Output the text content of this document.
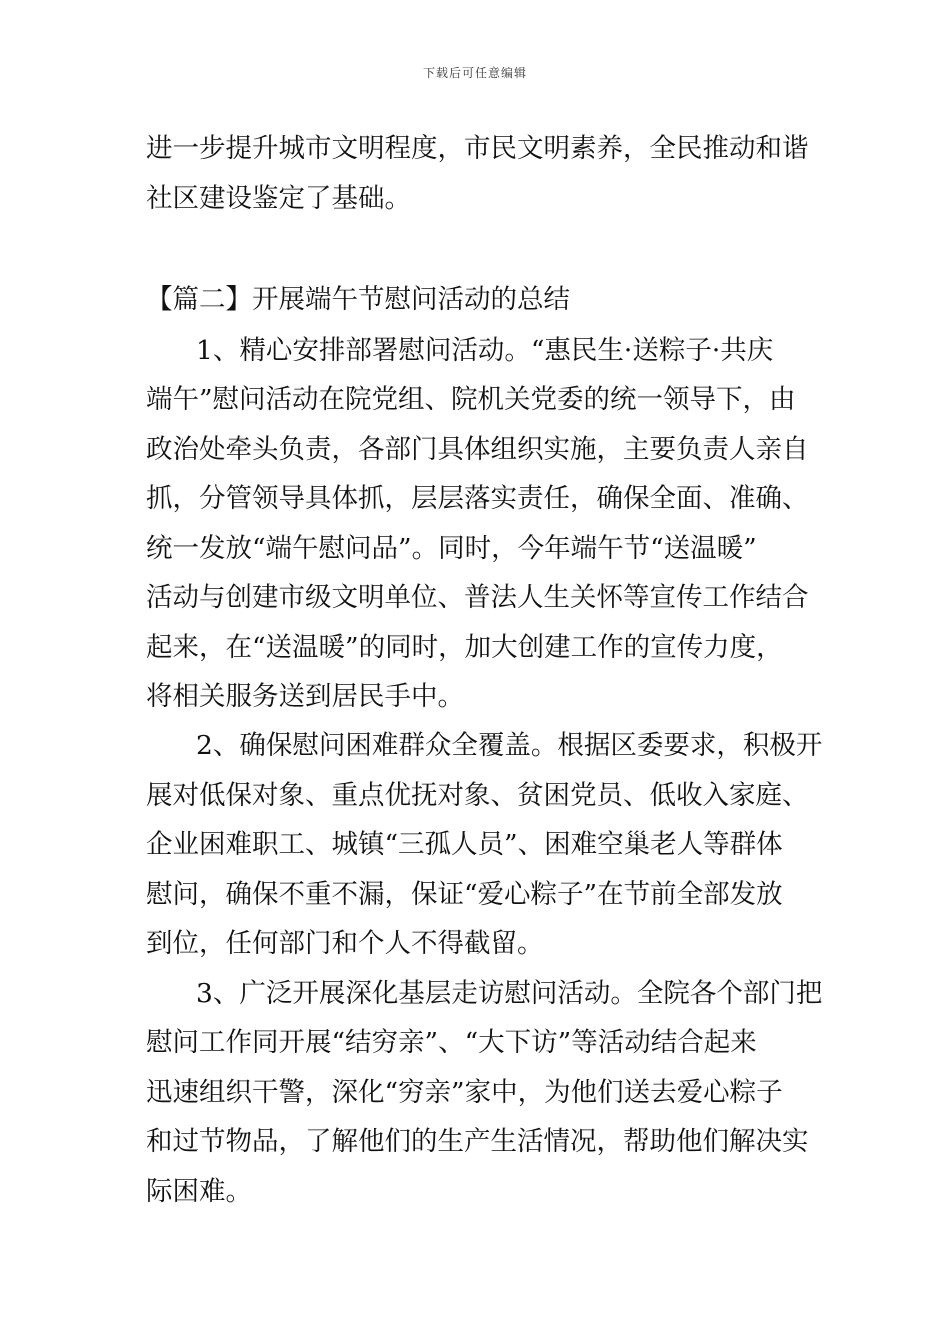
下载后可任意编辑
进一步提升城市文明程度，市民文明素养，全民推动和谐
社区建设鉴定了基础。
【篇二】开展端午节慰问活动的总结
1、精心安排部署慰问活动。“惠民生·送粽子·共庆
端午”慰问活动在院党组、院机关党委的统一领导下，由
政治处牵头负责，各部门具体组织实施，主要负责人亲自
抓，分管领导具体抓，层层落实责任，确保全面、准确、
统一发放“端午慰问品”。同时，今年端午节“送温暖”
活动与创建市级文明单位、普法人生关怀等宣传工作结合
起来，在“送温暖”的同时，加大创建工作的宣传力度，
将相关服务送到居民手中。
2、确保慰问困难群众全覆盖。根据区委要求，积极开
展对低保对象、重点优抚对象、贫困党员、低收入家庭、
企业困难职工、城镇“三孤人员”、困难空巢老人等群体
慰问，确保不重不漏，保证“爱心粽子”在节前全部发放
到位，任何部门和个人不得截留。
3、广泛开展深化基层走访慰问活动。全院各个部门把
慰问工作同开展“结穷亲”、“大下访”等活动结合起来
迅速组织干警，深化“穷亲”家中，为他们送去爱心粽子
和过节物品，了解他们的生产生活情况，帮助他们解决实
际困难。
